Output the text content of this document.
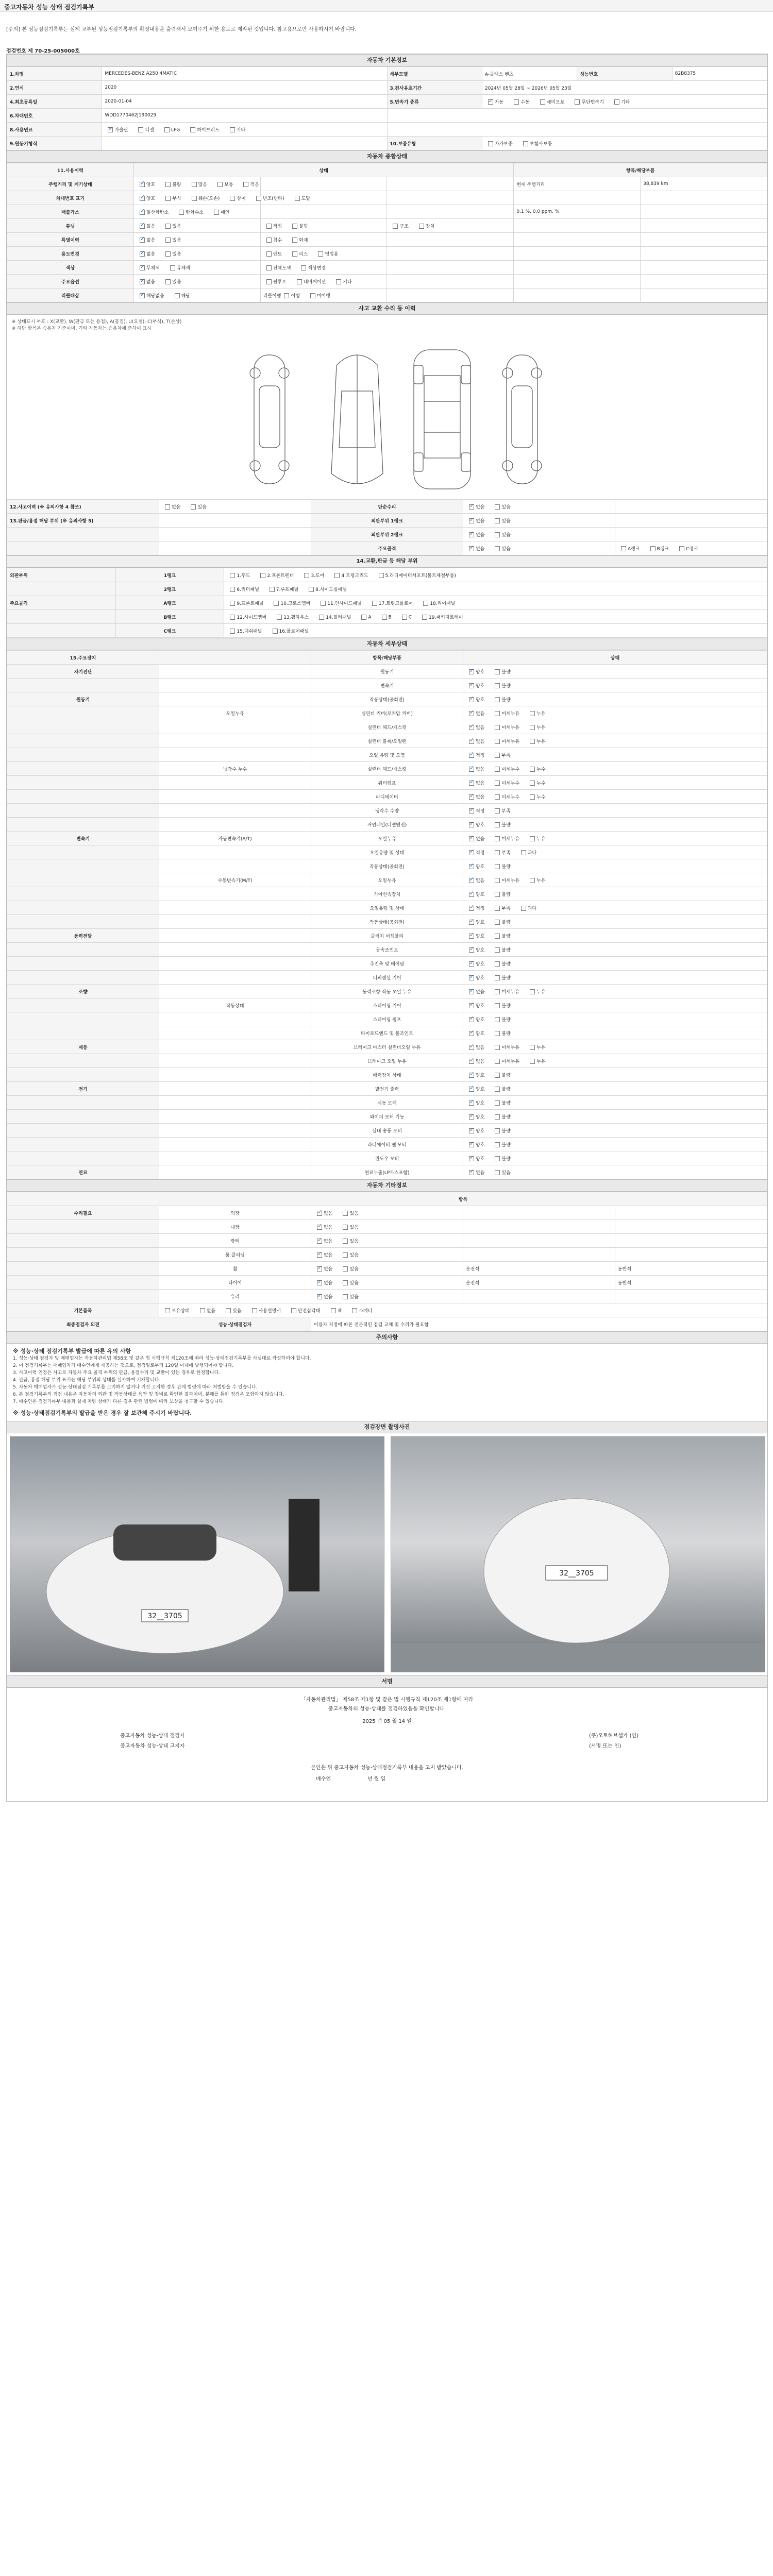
중고자동차 성능 상태 점검기록부
[주의] 본 성능점검기록부는 실제 교부된 성능점검기록부의 확정내용을 출력해서 보여주기 위한 용도로 제작된 것입니다. 참고용으로만 사용하시기 바랍니다.
점검번호 제 70-25-005000호
자동차 기본정보
1.차명	MERCEDES-BENZ A250 4MATIC	세부모델	A-클래스 벤츠	성능번호	82B8375
2.연식	2020	3.검사유효기간	2024년 05월 28일 ~ 2026년 05월 23일		
4.최초등록일	2020-01-04	5.변속기 종류	✓자동 수동 세미오토 무단변속기 기타
6.차대번호	WDD1770462J190029				
8.사용연료	✓가솔린 디젤 LPG 하이브리드 기타	
9.원동기형식		10.보증유형	자가보증 보험사보증		
자동차 종합상태
11.사용이력	상태			항목/해당부품	
주행거리 및 계기상태	✓양호 불량 많음 보통 적음			현재 주행거리	38,839 km
차대번호 표기	✓양호 부식 훼손(오손) 상이 변조(변타) 도말				
배출가스	✓일산화탄소 탄화수소 매연			0.1 %, 0.0 ppm, %	
튜닝	✓없음 있음	적법 불법	구조 장치		
특별이력	✓없음 있음	침수 화재			
용도변경	✓없음 있음	렌트 리스 영업용			
색상	✓무채색 유채색	전체도색 색상변경			
주요옵션	✓없음 있음	썬루프 네비게이션 기타			
리콜대상	✓해당없음 해당	리콜이행 이행 미이행			
사고 교환 수리 등 이력
※ 상태표시 부호 : X(교환), W(판금 또는 용접), A(흠집), U(요철), C(부식), T(손상)
※ 하단 항목은 승용차 기준이며, 기타 자동차는 승용차에 준하여 표시
12.사고이력 (※ 유의사항 4 참조)	없음 있음	단순수리	✓없음 있음	
13.판금/용접 해당 부위 (※ 유의사항 5)		외판부위 1랭크	✓없음 있음	
		외판부위 2랭크	✓없음 있음	
		주요골격	✓없음 있음	A랭크 B랭크 C랭크
14.교환,판금 등 해당 부위
외판부위	1랭크	1.후드 2.프론트펜더 3.도어 4.트렁크리드 5.라디에이터서포트(볼트체결부품)
	2랭크	6.쿼터패널 7.루프패널 8.사이드실패널
주요골격	A랭크	9.프론트패널 10.크로스멤버 11.인사이드패널 17.트렁크플로어 18.리어패널
	B랭크	12.사이드멤버 13.휠하우스 14.필러패널 A B C 19.패키지트레이
	C랭크	15.대쉬패널 16.플로어패널
자동차 세부상태
15.주요장치		항목/해당부품	상태
자기진단		원동기	✓양호 불량
		변속기	✓양호 불량
원동기		작동상태(공회전)	✓양호 불량
	오일누유	실린더 커버(로커암 커버)	✓없음 미세누유 누유
		실린더 헤드/개스킷	✓없음 미세누유 누유
		실린더 블록/오일팬	✓없음 미세누유 누유
		오일 유량 및 오염	✓적정 부족
	냉각수 누수	실린더 헤드/개스킷	✓없음 미세누수 누수
		워터펌프	✓없음 미세누수 누수
		라디에이터	✓없음 미세누수 누수
		냉각수 수량	✓적정 부족
		커먼레일(디젤엔진)	✓양호 불량
변속기	자동변속기(A/T)	오일누유	✓없음 미세누유 누유
		오일유량 및 상태	✓적정 부족 과다
		작동상태(공회전)	✓양호 불량
	수동변속기(M/T)	오일누유	✓없음 미세누유 누유
		기어변속장치	✓양호 불량
		오일유량 및 상태	✓적정 부족 과다
		작동상태(공회전)	✓양호 불량
동력전달		클러치 어셈블리	✓양호 불량
		등속조인트	✓양호 불량
		추진축 및 베어링	✓양호 불량
		디퍼렌셜 기어	✓양호 불량
조향		동력조향 작동 오일 누유	✓없음 미세누유 누유
	작동상태	스티어링 기어	✓양호 불량
		스티어링 펌프	✓양호 불량
		타이로드엔드 및 볼조인트	✓양호 불량
제동		브레이크 마스터 실린더오일 누유	✓없음 미세누유 누유
		브레이크 오일 누유	✓없음 미세누유 누유
		배력장치 상태	✓양호 불량
전기		발전기 출력	✓양호 불량
		시동 모터	✓양호 불량
		와이퍼 모터 기능	✓양호 불량
		실내 송풍 모터	✓양호 불량
		라디에이터 팬 모터	✓양호 불량
		윈도우 모터	✓양호 불량
연료		연료누출(LP가스포함)	✓없음 있음
자동차 기타정보
	항목			
수리필요	외장	✓없음 있음		
	내장	✓없음 있음		
	광택	✓없음 있음		
	룸 클리닝	✓없음 있음		
	휠	✓없음 있음	운전석	동반석
	타이어	✓없음 있음	운전석	동반석
	유리	✓없음 있음		
기본품목	보유상태 없음 있음 사용설명서 안전삼각대 잭 스패너			
최종점검자 의견	성능·상태점검자	이용자 지정에 따른 전문적인 점검 교체 및 수리가 필요함		
주의사항
※ 성능·상태 점검기록부 발급에 따른 유의 사항
1. 성능·상태 점검자 및 매매업자는 자동차관리법 제58조 및 같은 법 시행규칙 제120조에 따라 성능·상태점검기록부를 사실대로 작성하여야 합니다.
2. 이 점검기록부는 매매업자가 매수인에게 제공하는 것으로, 점검일로부터 120일 이내에 발행되어야 합니다.
3. 사고이력 인정은 사고로 자동차 주요 골격 부위의 판금, 용접수리 및 교환이 있는 경우로 한정합니다.
4. 판금, 용접 해당 부위 표기는 해당 부위의 상태를 실사하여 기재합니다.
5. 자동차 매매업자가 성능·상태점검 기록부를 고지하지 않거나 거짓 고지한 경우 관계 법령에 따라 처벌받을 수 있습니다.
6. 본 점검기록부의 점검 내용은 자동차의 외관 및 작동상태를 육안 및 장비로 확인한 결과이며, 분해를 통한 점검은 포함하지 않습니다.
7. 매수인은 점검기록부 내용과 실제 차량 상태가 다른 경우 관련 법령에 따라 보상을 청구할 수 있습니다.
※ 성능·상태점검기록부의 발급을 받은 경우 잘 보관해 주시기 바랍니다.
점검장면 촬영사진
32__3705
32__3705
서명
「자동차관리법」 제58조 제1항 및 같은 법 시행규칙 제120조 제1항에 따라
중고자동차의 성능·상태를 점검하였음을 확인합니다.
2025 년 05 월 14 일
중고자동차 성능·상태 점검자	(주)오토허브셀카 (인)
중고자동차 성능·상태 고지자	(서명 또는 인)
본인은 위 중고자동차 성능·상태점검기록부 내용을 고지 받았습니다.
매수인	년 월 일
